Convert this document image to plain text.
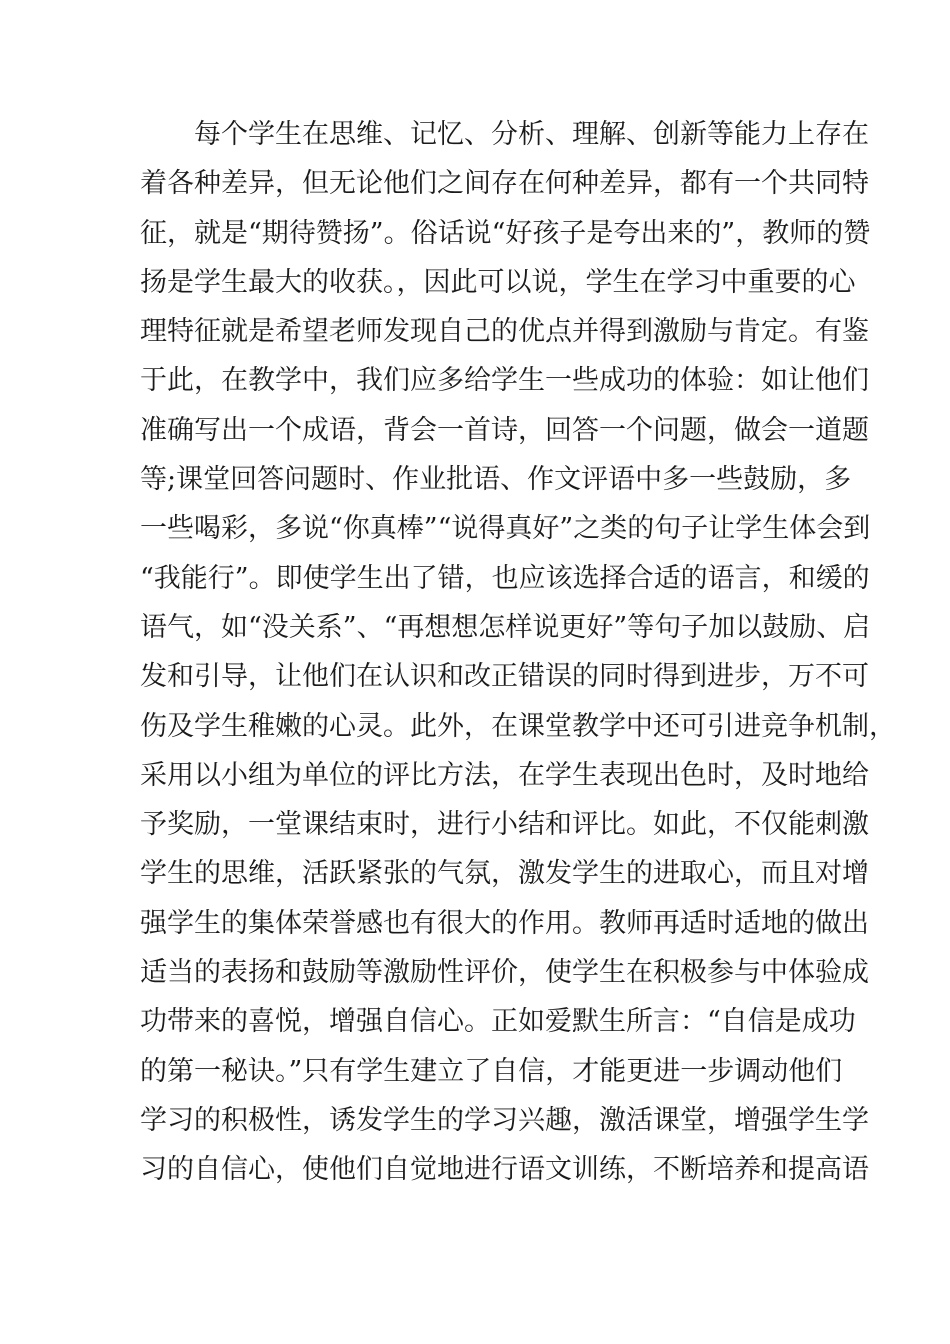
每个学生在思维、记忆、分析、理解、创新等能力上存在
着各种差异，但无论他们之间存在何种差异，都有一个共同特
征，就是“期待赞扬”。俗话说“好孩子是夸出来的”，教师的赞
扬是学生最大的收获。，因此可以说，学生在学习中重要的心
理特征就是希望老师发现自己的优点并得到激励与肯定。有鉴
于此，在教学中，我们应多给学生一些成功的体验：如让他们
准确写出一个成语，背会一首诗，回答一个问题，做会一道题
等;课堂回答问题时、作业批语、作文评语中多一些鼓励，多
一些喝彩，多说“你真棒”“说得真好”之类的句子让学生体会到
“我能行”。即使学生出了错，也应该选择合适的语言，和缓的
语气，如“没关系”、“再想想怎样说更好”等句子加以鼓励、启
发和引导，让他们在认识和改正错误的同时得到进步，万不可
伤及学生稚嫩的心灵。此外，在课堂教学中还可引进竞争机制，
采用以小组为单位的评比方法，在学生表现出色时，及时地给
予奖励，一堂课结束时，进行小结和评比。如此，不仅能刺激
学生的思维，活跃紧张的气氛，激发学生的进取心，而且对增
强学生的集体荣誉感也有很大的作用。教师再适时适地的做出
适当的表扬和鼓励等激励性评价，使学生在积极参与中体验成
功带来的喜悦，增强自信心。正如爱默生所言：“自信是成功
的第一秘诀。”只有学生建立了自信，才能更进一步调动他们
学习的积极性，诱发学生的学习兴趣，激活课堂，增强学生学
习的自信心，使他们自觉地进行语文训练，不断培养和提高语
